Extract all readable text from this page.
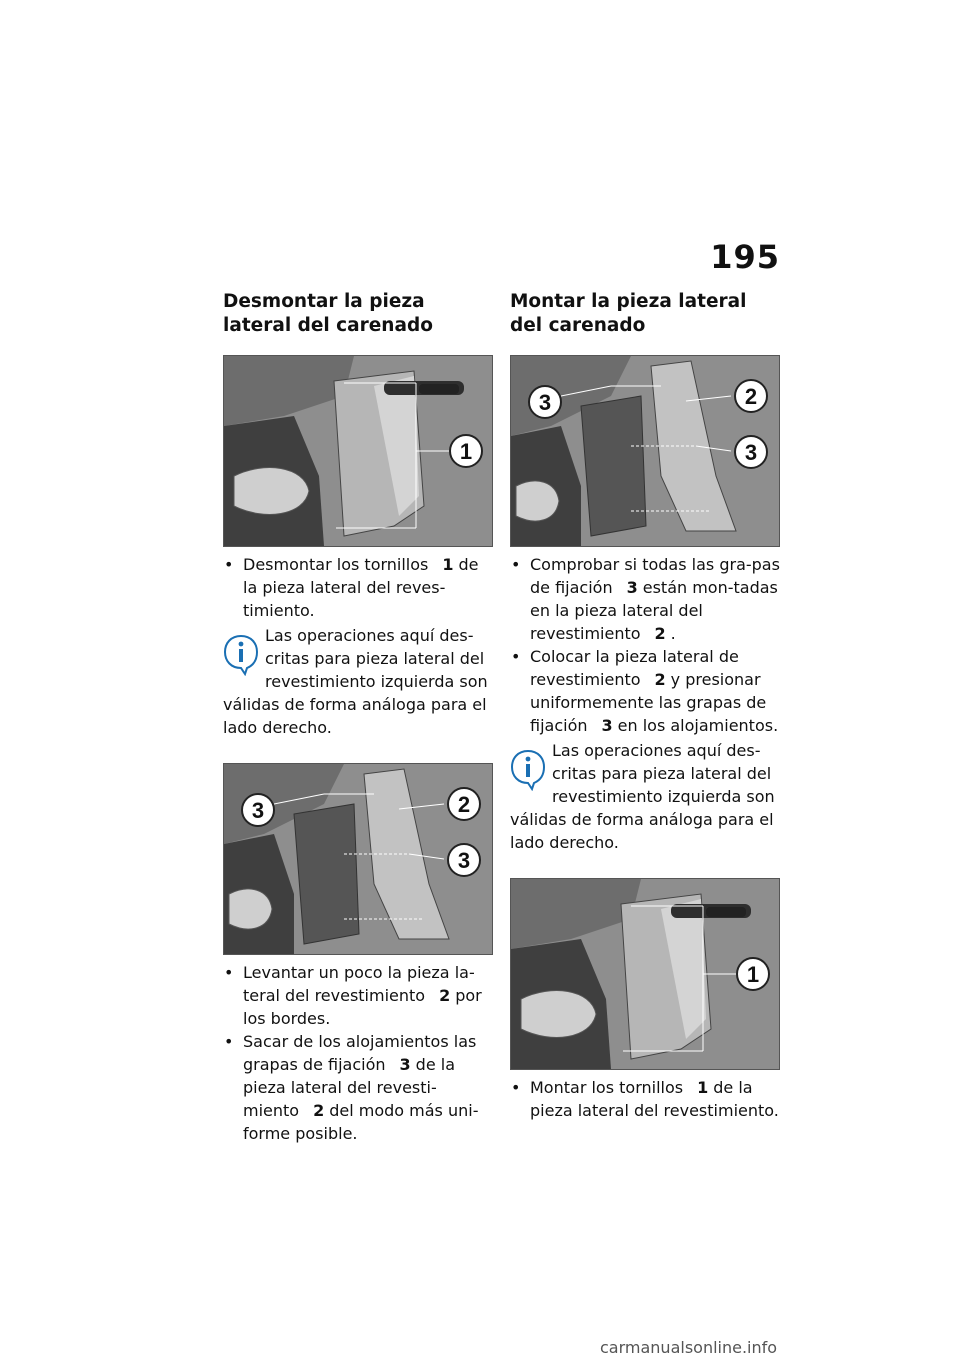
195
Desmontar la pieza lateral del carenado
1
• Desmontar los tornillos 1 de la pieza lateral del reves-timiento.

Las operaciones aquí des-critas para pieza lateral del revestimiento izquierda son válidas de forma análoga para el lado derecho.

3	2
3
• Levantar un poco la pieza la-teral del revestimiento 2 por los bordes.
• Sacar de los alojamientos las grapas de fijación 3 de la pieza lateral del revesti-miento 2 del modo más uni-forme posible.
Montar la pieza lateral del carenado
3	2
3
• Comprobar si todas las gra-pas de fijación 3 están mon-tadas en la pieza lateral del revestimiento 2 .
• Colocar la pieza lateral de revestimiento 2 y presionar uniformemente las grapas de fijación 3 en los alojamientos.

Las operaciones aquí des-critas para pieza lateral del revestimiento izquierda son válidas de forma análoga para el lado derecho.

1
• Montar los tornillos 1 de la pieza lateral del revestimiento.
carmanualsonline.info
